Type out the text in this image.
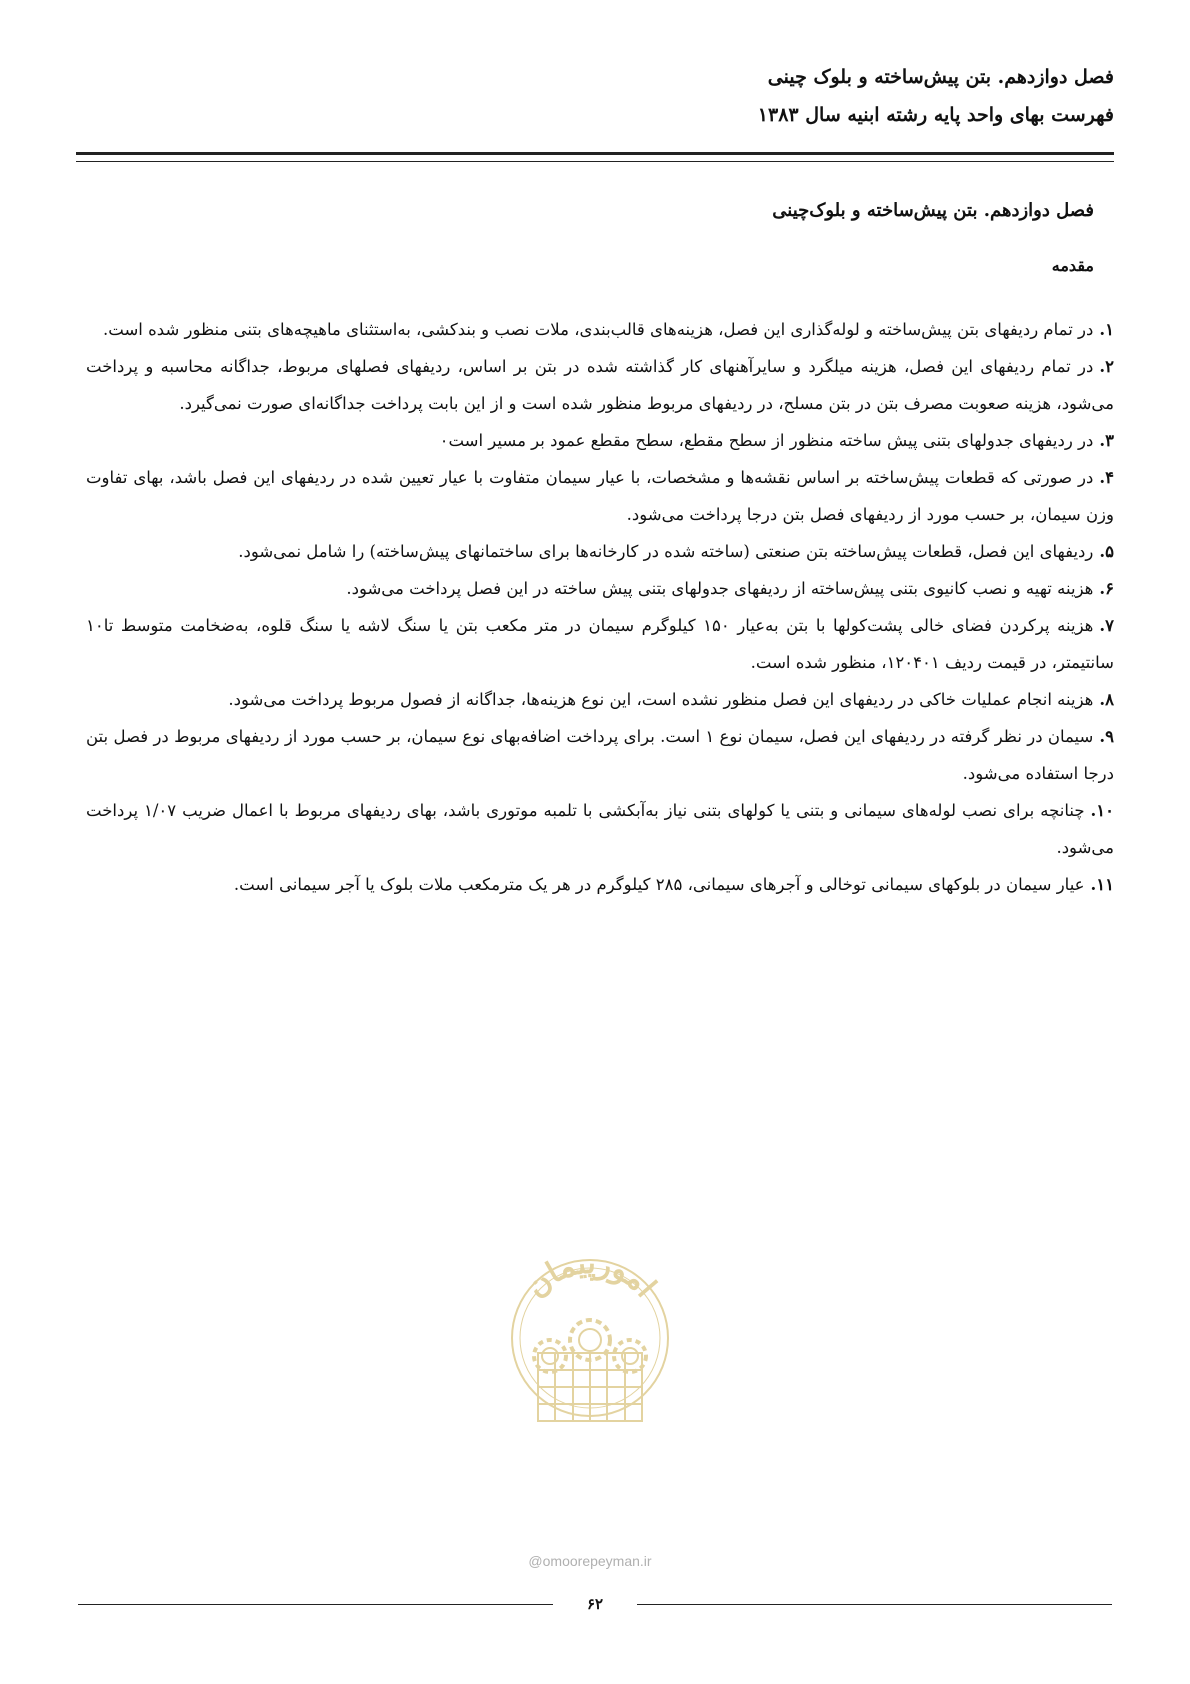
فصل دوازدهم. بتن پیش‌ساخته و بلوک چینی
فهرست بهای واحد پایه رشته ابنیه سال ۱۳۸۳
فصل دوازدهم. بتن پیش‌ساخته و بلوک‌چینی
مقدمه
۱.در تمام ردیفهای بتن پیش‌ساخته و لوله‌گذاری این فصل، هزینه‌های قالب‌بندی، ملات نصب و بندکشی، به‌استثنای ماهیچه‌های بتنی منظور شده است.
۲.در تمام ردیفهای این فصل، هزینه میلگرد و سایرآهنهای کار گذاشته شده در بتن بر اساس، ردیفهای فصلهای مربوط، جداگانه محاسبه و پرداخت می‌شود، هزینه صعوبت مصرف بتن در بتن مسلح، در ردیفهای مربوط منظور شده است و از این بابت پرداخت جداگانه‌ای صورت نمی‌گیرد.
۳.در ردیفهای جدولهای بتنی پیش ساخته منظور از سطح مقطع، سطح مقطع عمود بر مسیر است٠
۴.در صورتی که قطعات پیش‌ساخته بر اساس نقشه‌ها و مشخصات، با عیار سیمان متفاوت با عیار تعیین شده در ردیفهای این فصل باشد، بهای تفاوت وزن سیمان، بر حسب مورد از ردیفهای فصل بتن درجا پرداخت می‌شود.
۵.ردیفهای این فصل، قطعات پیش‌ساخته بتن صنعتی (ساخته شده در کارخانه‌ها برای ساختمانهای پیش‌ساخته) را شامل نمی‌شود.
۶.هزینه تهیه و نصب کانیوی بتنی پیش‌ساخته از ردیفهای جدولهای بتنی پیش ساخته در این فصل پرداخت می‌شود.
۷.هزینه پرکردن فضای خالی پشت‌کولها با بتن به‌عیار ۱۵۰ کیلوگرم سیمان در متر مکعب بتن یا سنگ لاشه یا سنگ قلوه، به‌ضخامت متوسط تا۱۰ سانتیمتر، در قیمت ردیف ۱۲۰۴۰۱، منظور شده است.
۸.هزینه انجام عملیات خاکی در ردیفهای این فصل منظور نشده است، این نوع هزینه‌ها، جداگانه از فصول مربوط پرداخت می‌شود.
۹.سیمان در نظر گرفته در ردیفهای این فصل، سیمان نوع ۱ است. برای پرداخت اضافه‌بهای نوع سیمان، بر حسب مورد از ردیفهای مربوط در فصل بتن درجا استفاده می‌شود.
۱۰.چنانچه برای نصب لوله‌های سیمانی و بتنی یا کولهای بتنی نیاز به‌آبکشی با تلمبه موتوری باشد، بهای ردیفهای مربوط با اعمال ضریب ۱/۰۷ پرداخت می‌شود.
۱۱.عیار سیمان در بلوکهای سیمانی توخالی و آجرهای سیمانی، ۲۸۵ کیلوگرم در هر یک مترمکعب ملات بلوک یا آجر سیمانی است.
امورپیمان
@omoorepeyman.ir
۶۲
